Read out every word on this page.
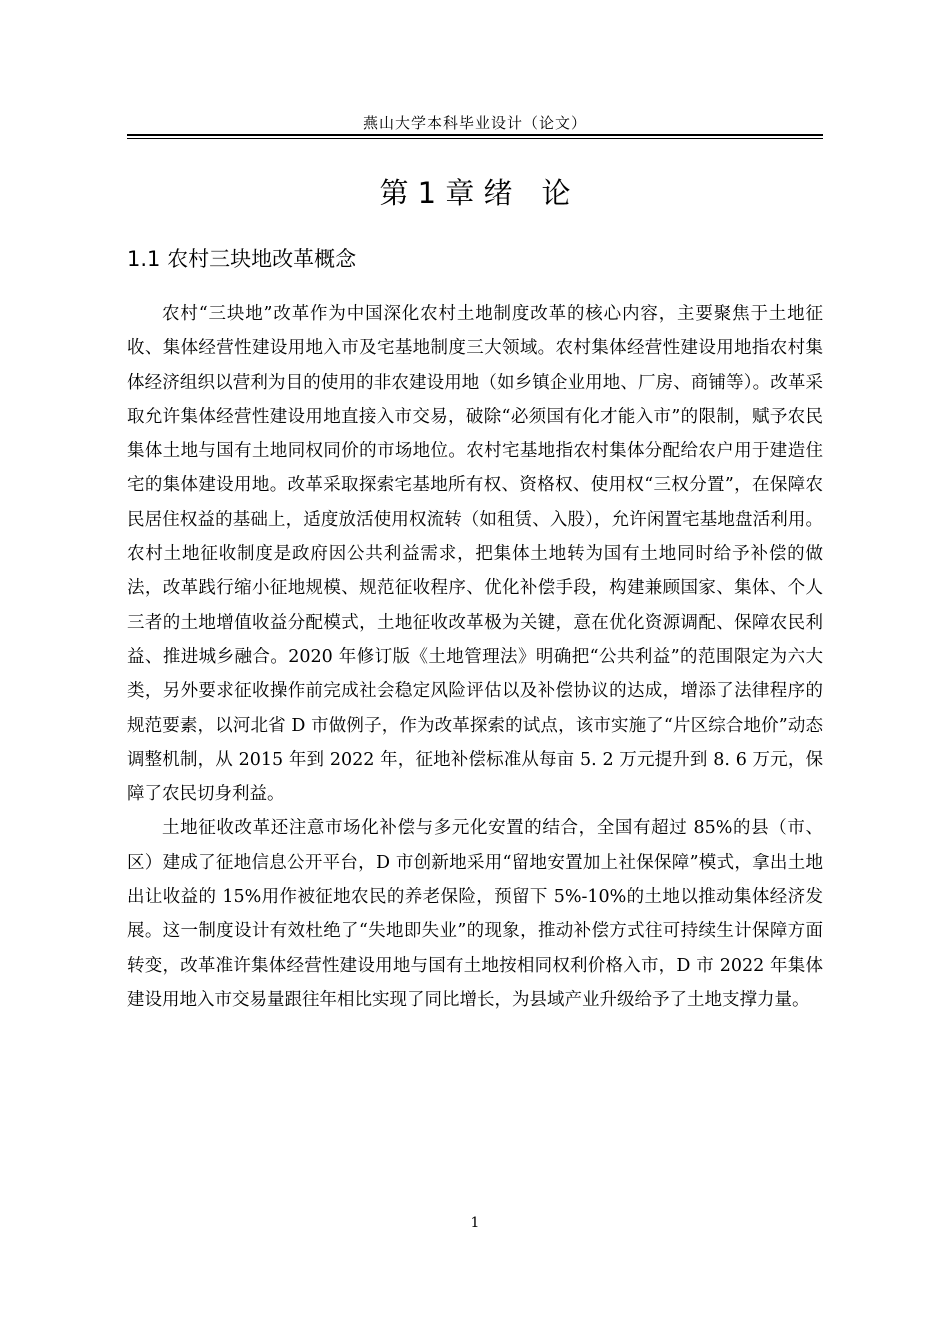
燕山大学本科毕业设计（论文）
第 1 章 绪　论
1.1 农村三块地改革概念

农村“三块地”改革作为中国深化农村土地制度改革的核心内容，主要聚焦于土地征收、集体经营性建设用地入市及宅基地制度三大领域。农村集体经营性建设用地指农村集体经济组织以营利为目的使用的非农建设用地（如乡镇企业用地、厂房、商铺等）。改革采取允许集体经营性建设用地直接入市交易，破除“必须国有化才能入市”的限制，赋予农民集体土地与国有土地同权同价的市场地位。农村宅基地指农村集体分配给农户用于建造住宅的集体建设用地。改革采取探索宅基地所有权、资格权、使用权“三权分置”，在保障农民居住权益的基础上，适度放活使用权流转（如租赁、入股），允许闲置宅基地盘活利用。农村土地征收制度是政府因公共利益需求，把集体土地转为国有土地同时给予补偿的做法，改革践行缩小征地规模、规范征收程序、优化补偿手段，构建兼顾国家、集体、个人三者的土地增值收益分配模式，土地征收改革极为关键，意在优化资源调配、保障农民利益、推进城乡融合。2020 年修订版《土地管理法》明确把“公共利益”的范围限定为六大类，另外要求征收操作前完成社会稳定风险评估以及补偿协议的达成，增添了法律程序的规范要素，以河北省 D 市做例子，作为改革探索的试点，该市实施了“片区综合地价”动态调整机制，从 2015 年到 2022 年，征地补偿标准从每亩 5. 2 万元提升到 8. 6 万元，保障了农民切身利益。

土地征收改革还注意市场化补偿与多元化安置的结合，全国有超过 85%的县（市、区）建成了征地信息公开平台，D 市创新地采用“留地安置加上社保保障”模式，拿出土地出让收益的 15%用作被征地农民的养老保险，预留下 5%-10%的土地以推动集体经济发展。这一制度设计有效杜绝了“失地即失业”的现象，推动补偿方式往可持续生计保障方面转变，改革准许集体经营性建设用地与国有土地按相同权利价格入市，D 市 2022 年集体建设用地入市交易量跟往年相比实现了同比增长，为县域产业升级给予了土地支撑力量。

1
